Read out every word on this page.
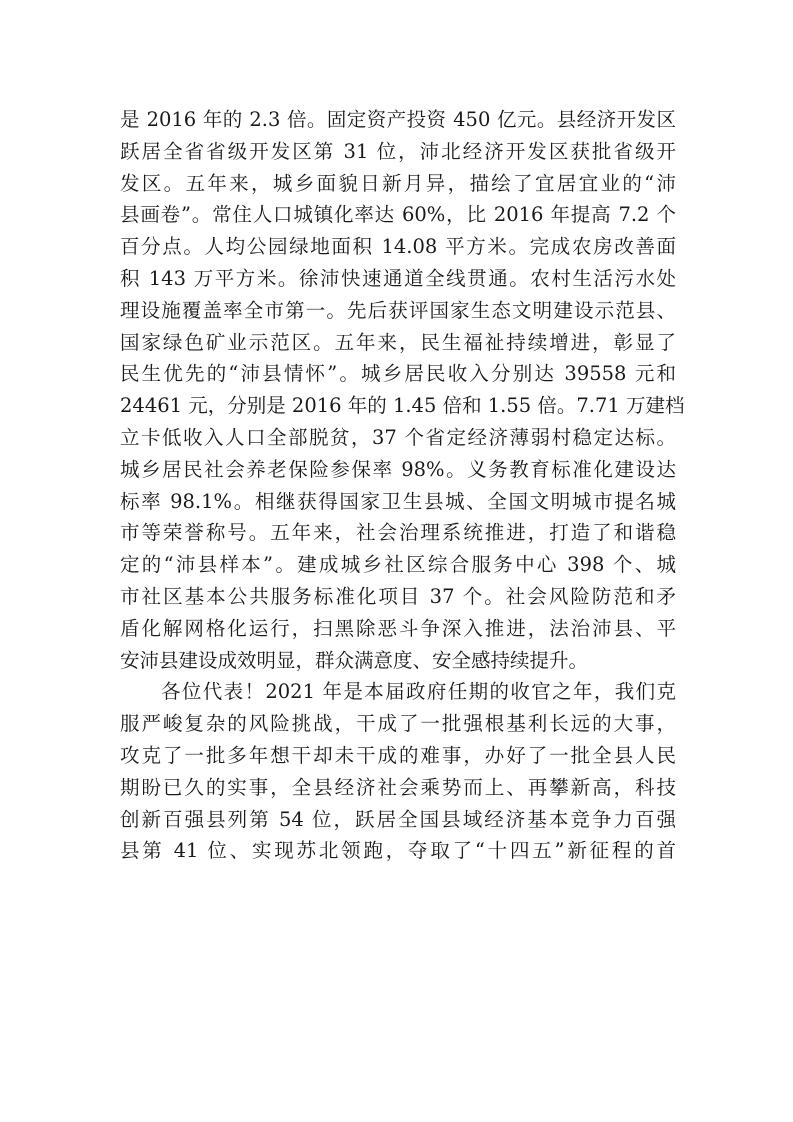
是 2016 年的 2.3 倍。固定资产投资 450 亿元。县经济开发区
跃居全省省级开发区第 31 位，沛北经济开发区获批省级开
发区。五年来，城乡面貌日新月异，描绘了宜居宜业的“沛
县画卷”。常住人口城镇化率达 60%，比 2016 年提高 7.2 个
百分点。人均公园绿地面积 14.08 平方米。完成农房改善面
积 143 万平方米。徐沛快速通道全线贯通。农村生活污水处
理设施覆盖率全市第一。先后获评国家生态文明建设示范县、
国家绿色矿业示范区。五年来，民生福祉持续增进，彰显了
民生优先的“沛县情怀”。城乡居民收入分别达 39558 元和
24461 元，分别是 2016 年的 1.45 倍和 1.55 倍。7.71 万建档
立卡低收入人口全部脱贫，37 个省定经济薄弱村稳定达标。
城乡居民社会养老保险参保率 98%。义务教育标准化建设达
标率 98.1%。相继获得国家卫生县城、全国文明城市提名城
市等荣誉称号。五年来，社会治理系统推进，打造了和谐稳
定的“沛县样本”。建成城乡社区综合服务中心 398 个、城
市社区基本公共服务标准化项目 37 个。社会风险防范和矛
盾化解网格化运行，扫黑除恶斗争深入推进，法治沛县、平
安沛县建设成效明显，群众满意度、安全感持续提升。
各位代表！2021 年是本届政府任期的收官之年，我们克
服严峻复杂的风险挑战，干成了一批强根基利长远的大事，
攻克了一批多年想干却未干成的难事，办好了一批全县人民
期盼已久的实事，全县经济社会乘势而上、再攀新高，科技
创新百强县列第 54 位，跃居全国县域经济基本竞争力百强
县第 41 位、实现苏北领跑，夺取了“十四五”新征程的首
